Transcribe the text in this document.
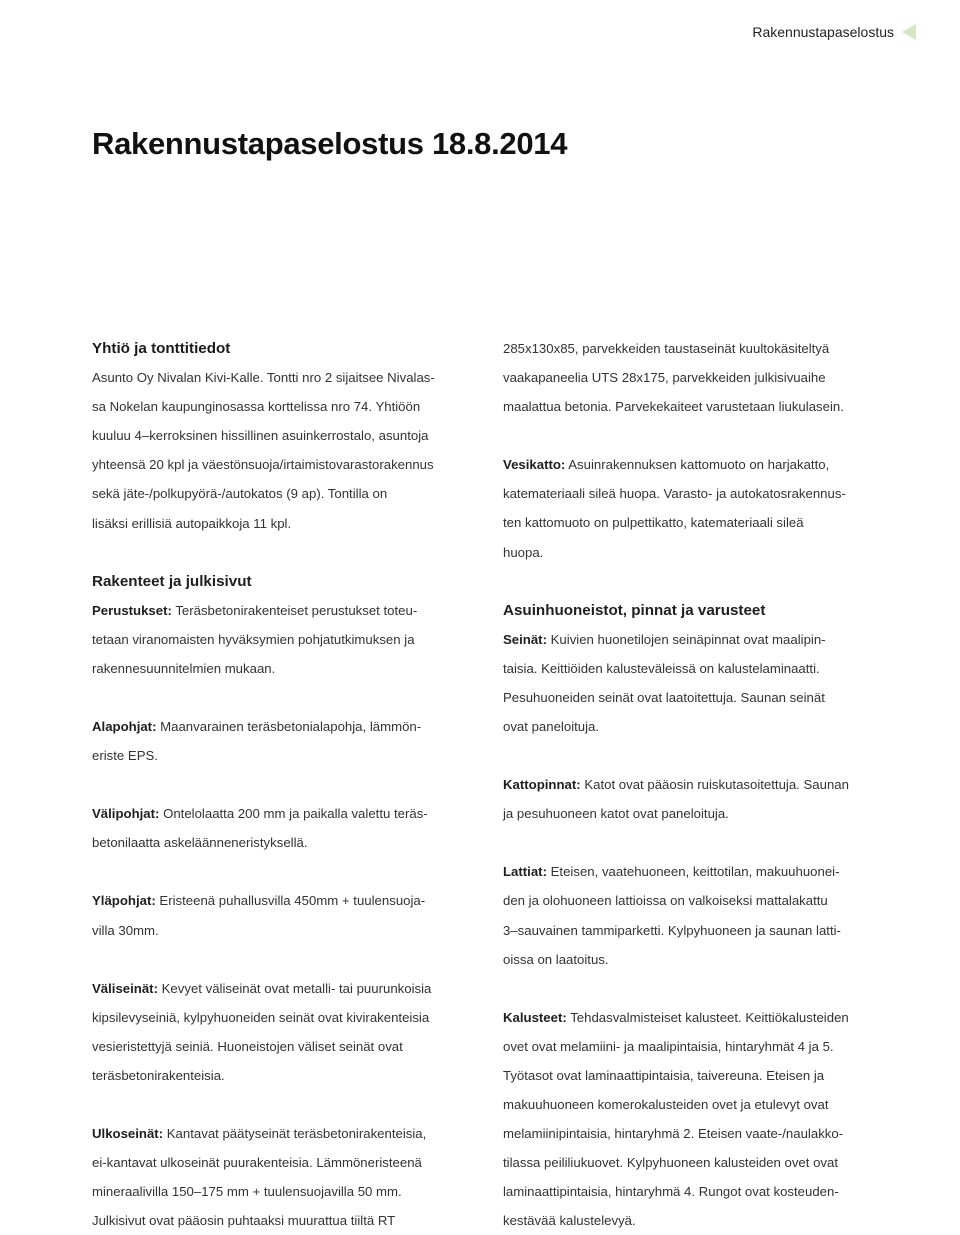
Rakennustapaselostus
Rakennustapaselostus 18.8.2014

Yhtiö ja tonttitiedot
Asunto Oy Nivalan Kivi-Kalle. Tontti nro 2 sijaitsee Nivalas-
sa Nokelan kaupunginosassa korttelissa nro 74. Yhtiöön
kuuluu 4–kerroksinen hissillinen asuinkerrostalo, asuntoja
yhteensä 20 kpl ja väestönsuoja/irtaimistovarastorakennus
sekä jäte-/polkupyörä-/autokatos (9 ap). Tontilla on
lisäksi erillisiä autopaikkoja 11 kpl.

Rakenteet ja julkisivut
Perustukset: Teräsbetonirakenteiset perustukset toteu-
tetaan viranomaisten hyväksymien pohjatutkimuksen ja
rakennesuunnitelmien mukaan.

Alapohjat: Maanvarainen teräsbetonialapohja, lämmön-
eriste EPS.

Välipohjat: Ontelolaatta 200 mm ja paikalla valettu teräs-
betonilaatta askeläänneneristyksellä.

Yläpohjat: Eristeenä puhallusvilla 450mm + tuulensuoja-
villa 30mm.

Väliseinät: Kevyet väliseinät ovat metalli- tai puurunkoisia
kipsilevyseiniä, kylpyhuoneiden seinät ovat kivirakenteisia
vesieristettyjä seiniä. Huoneistojen väliset seinät ovat
teräsbetonirakenteisia.

Ulkoseinät: Kantavat päätyseinät teräsbetonirakenteisia,
ei-kantavat ulkoseinät puurakenteisia. Lämmöneristeenä
mineraalivilla 150–175 mm + tuulensuojavilla 50 mm.
Julkisivut ovat pääosin puhtaaksi muurattua tiiltä RT

285x130x85, parvekkeiden taustaseinät kuultokäsiteltyä
vaakapaneelia UTS 28x175, parvekkeiden julkisivuaihe
maalattua betonia. Parvekekaiteet varustetaan liukulasein.

Vesikatto: Asuinrakennuksen kattomuoto on harjakatto,
katemateriaali sileä huopa. Varasto- ja autokatosrakennus-
ten kattomuoto on pulpettikatto, katemateriaali sileä
huopa.

Asuinhuoneistot, pinnat ja varusteet
Seinät: Kuivien huonetilojen seinäpinnat ovat maalipin-
taisia. Keittiöiden kalusteväleissä on kalustelaminaatti.
Pesuhuoneiden seinät ovat laatoitettuja. Saunan seinät
ovat paneloituja.

Kattopinnat: Katot ovat pääosin ruiskutasoitettuja. Saunan
ja pesuhuoneen katot ovat paneloituja.

Lattiat: Eteisen, vaatehuoneen, keittotilan, makuuhuonei-
den ja olohuoneen lattioissa on valkoiseksi mattalakattu
3–sauvainen tammiparketti. Kylpyhuoneen ja saunan latti-
oissa on laatoitus.

Kalusteet: Tehdasvalmisteiset kalusteet. Keittiökalusteiden
ovet ovat melamiini- ja maalipintaisia, hintaryhmät 4 ja 5.
Työtasot ovat laminaattipintaisia, taivereuna. Eteisen ja
makuuhuoneen komerokalusteiden ovet ja etulevyt ovat
melamiinipintaisia, hintaryhmä 2. Eteisen vaate-/naulakko-
tilassa peililiukuovet. Kylpyhuoneen kalusteiden ovet ovat
laminaattipintaisia, hintaryhmä 4. Rungot ovat kosteuden-
kestävää kalustelevyä.
